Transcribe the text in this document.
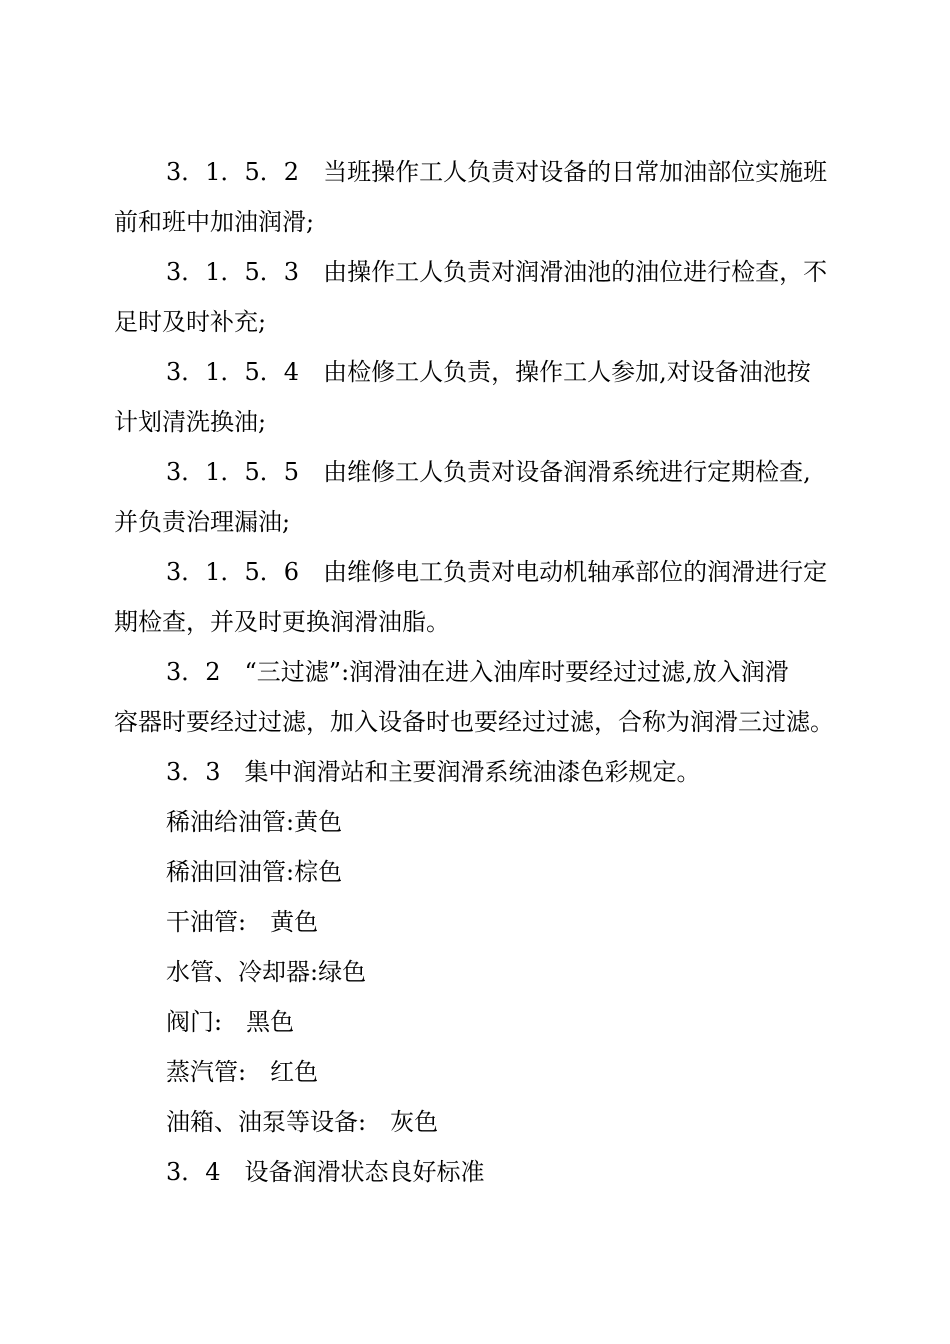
3．1．5．2　当班操作工人负责对设备的日常加油部位实施班
前和班中加油润滑;
3．1．5．3　由操作工人负责对润滑油池的油位进行检查，不
足时及时补充;
3．1．5．4　由检修工人负责，操作工人参加,对设备油池按
计划清洗换油;
3．1．5．5　由维修工人负责对设备润滑系统进行定期检查,
并负责治理漏油;
3．1．5．6　由维修电工负责对电动机轴承部位的润滑进行定
期检查，并及时更换润滑油脂。
3．2　“三过滤”:润滑油在进入油库时要经过过滤,放入润滑
容器时要经过过滤，加入设备时也要经过过滤，合称为润滑三过滤。
3．3　集中润滑站和主要润滑系统油漆色彩规定。
稀油给油管:黄色
稀油回油管:棕色
干油管:　黄色
水管、冷却器:绿色
阀门:　黑色
蒸汽管:　红色
油箱、油泵等设备:　灰色
3．4　设备润滑状态良好标准
